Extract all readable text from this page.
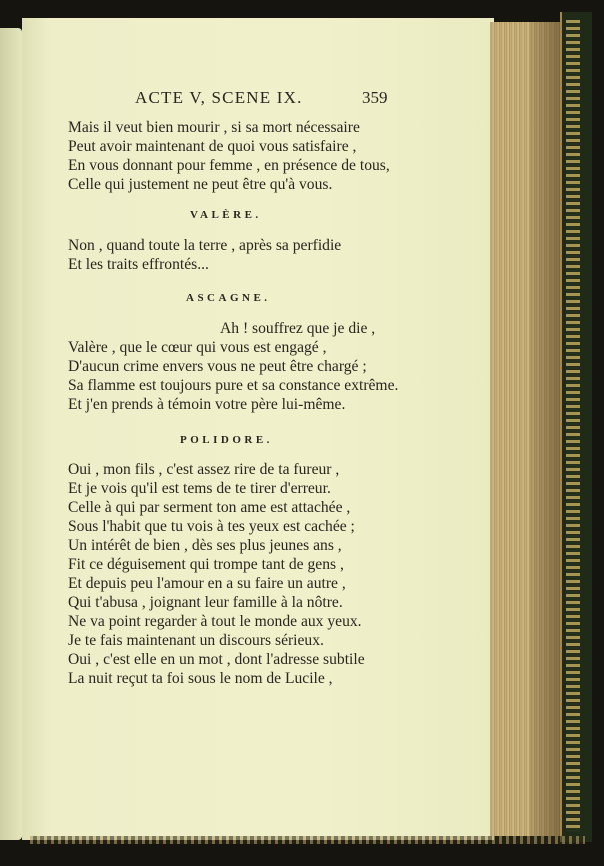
ACTE V, SCENE IX.	359
Mais il veut bien mourir , si sa mort nécessaire
Peut avoir maintenant de quoi vous satisfaire ,
En vous donnant pour femme , en présence de tous,
Celle qui justement ne peut être qu'à vous.
VALÈRE.
Non , quand toute la terre , après sa perfidie
Et les traits effrontés...
ASCAGNE.
Ah ! souffrez que je die ,
Valère , que le cœur qui vous est engagé ,
D'aucun crime envers vous ne peut être chargé ;
Sa flamme est toujours pure et sa constance extrême.
Et j'en prends à témoin votre père lui-même.
POLIDORE.
Oui , mon fils , c'est assez rire de ta fureur ,
Et je vois qu'il est tems de te tirer d'erreur.
Celle à qui par serment ton ame est attachée ,
Sous l'habit que tu vois à tes yeux est cachée ;
Un intérêt de bien , dès ses plus jeunes ans ,
Fit ce déguisement qui trompe tant de gens ,
Et depuis peu l'amour en a su faire un autre ,
Qui t'abusa , joignant leur famille à la nôtre.
Ne va point regarder à tout le monde aux yeux.
Je te fais maintenant un discours sérieux.
Oui , c'est elle en un mot , dont l'adresse subtile
La nuit reçut ta foi sous le nom de Lucile ,
